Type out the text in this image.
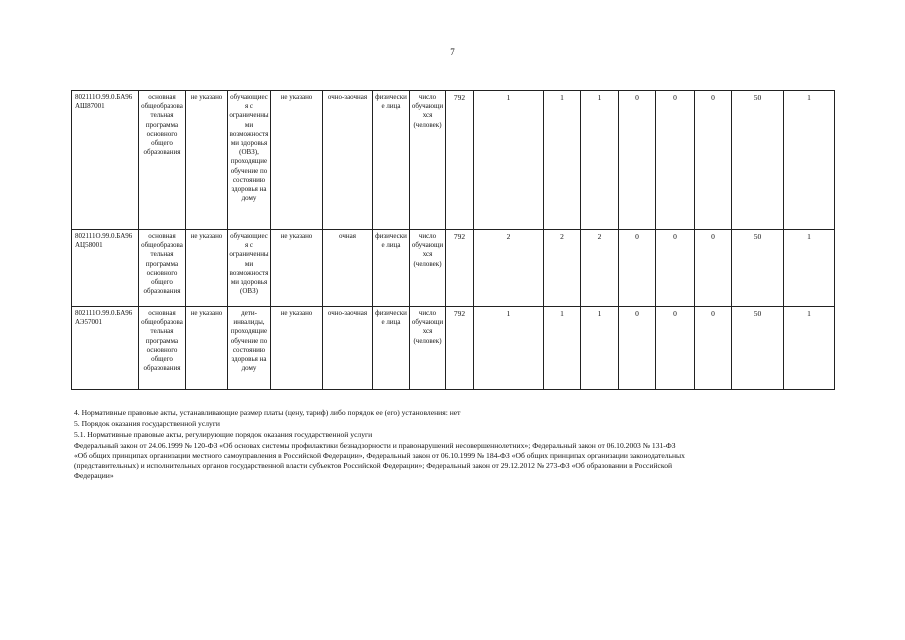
7
802111О.99.0.БА96АШ87001	основная общеобразовательная программа основного общего образования	не указано	обучающиеся с ограниченными возможностями здоровья (ОВЗ), проходящие обучение по состоянию здоровья на дому	не указано	очно-заочная	физические лица	число обучающихся (человек)	792	1	1	1	0	0	0	50	1
802111О.99.0.БА96АЦ58001	основная общеобразовательная программа основного общего образования	не указано	обучающиеся с ограниченными возможностями здоровья (ОВЗ)	не указано	очная	физические лица	число обучающихся (человек)	792	2	2	2	0	0	0	50	1
802111О.99.0.БА96АЭ57001	основная общеобразовательная программа основного общего образования	не указано	дети-инвалиды, проходящие обучение по состоянию здоровья на дому	не указано	очно-заочная	физические лица	число обучающихся (человек)	792	1	1	1	0	0	0	50	1

4. Нормативные правовые акты, устанавливающие размер платы (цену, тариф) либо порядок ее (его) установления: нет

5. Порядок оказания государственной услуги

5.1. Нормативные правовые акты, регулирующие порядок оказания государственной услуги

Федеральный закон от 24.06.1999 № 120-ФЗ «Об основах системы профилактики безнадзорности и правонарушений несовершеннолетних»; Федеральный закон от 06.10.2003 № 131-ФЗ

«Об общих принципах организации местного самоуправления в Российской Федерации», Федеральный закон от 06.10.1999 № 184-ФЗ «Об общих принципах организации законодательных

(представительных) и исполнительных органов государственной власти субъектов Российской Федерации»; Федеральный закон от 29.12.2012 № 273-ФЗ «Об образовании в Российской

Федерации»
